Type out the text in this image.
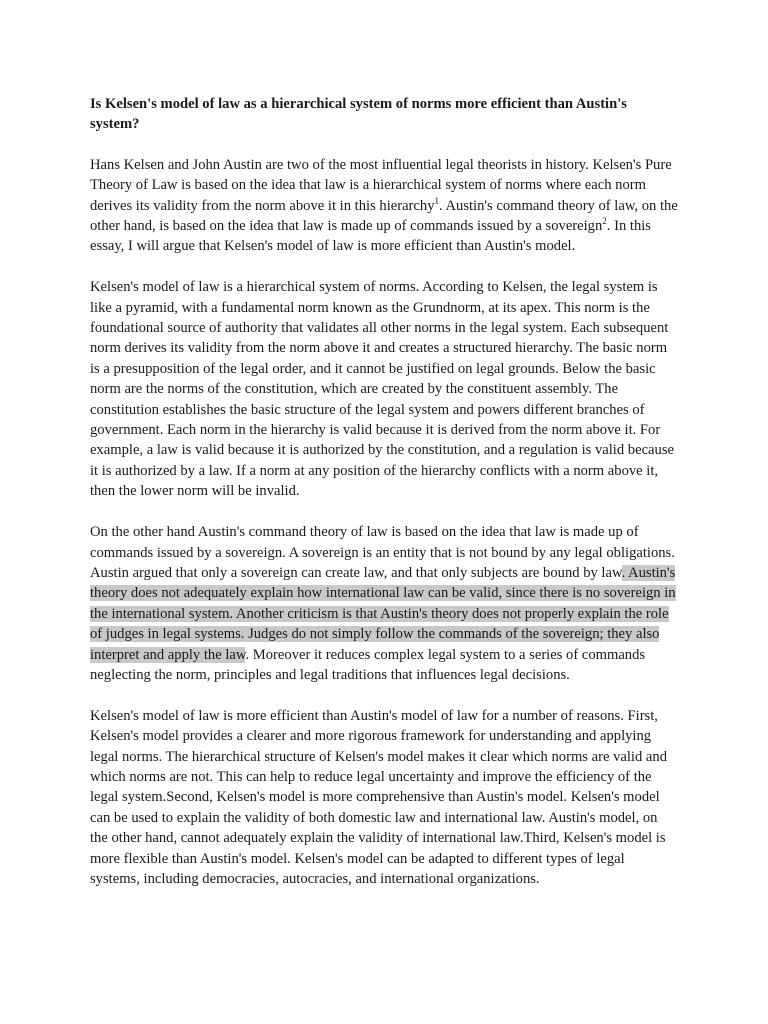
Is Kelsen's model of law as a hierarchical system of norms more efficient than Austin's system?
Hans Kelsen and John Austin are two of the most influential legal theorists in history. Kelsen's Pure Theory of Law is based on the idea that law is a hierarchical system of norms where each norm derives its validity from the norm above it in this hierarchy$^1$. Austin's command theory of law, on the other hand, is based on the idea that law is made up of commands issued by a sovereign$^2$. In this essay, I will argue that Kelsen's model of law is more efficient than Austin's model.
Kelsen's model of law is a hierarchical system of norms. According to Kelsen, the legal system is like a pyramid, with a fundamental norm known as the Grundnorm, at its apex. This norm is the foundational source of authority that validates all other norms in the legal system. Each subsequent norm derives its validity from the norm above it and creates a structured hierarchy. The basic norm is a presupposition of the legal order, and it cannot be justified on legal grounds. Below the basic norm are the norms of the constitution, which are created by the constituent assembly. The constitution establishes the basic structure of the legal system and powers different branches of government. Each norm in the hierarchy is valid because it is derived from the norm above it. For example, a law is valid because it is authorized by the constitution, and a regulation is valid because it is authorized by a law. If a norm at any position of the hierarchy conflicts with a norm above it, then the lower norm will be invalid.
On the other hand Austin's command theory of law is based on the idea that law is made up of commands issued by a sovereign. A sovereign is an entity that is not bound by any legal obligations. Austin argued that only a sovereign can create law, and that only subjects are bound by law. Austin's theory does not adequately explain how international law can be valid, since there is no sovereign in the international system. Another criticism is that Austin's theory does not properly explain the role of judges in legal systems. Judges do not simply follow the commands of the sovereign; they also interpret and apply the law. Moreover it reduces complex legal system to a series of commands neglecting the norm, principles and legal traditions that influences legal decisions.
Kelsen's model of law is more efficient than Austin's model of law for a number of reasons. First, Kelsen's model provides a clearer and more rigorous framework for understanding and applying legal norms. The hierarchical structure of Kelsen's model makes it clear which norms are valid and which norms are not. This can help to reduce legal uncertainty and improve the efficiency of the legal system.Second, Kelsen's model is more comprehensive than Austin's model. Kelsen's model can be used to explain the validity of both domestic law and international law. Austin's model, on the other hand, cannot adequately explain the validity of international law.Third, Kelsen's model is more flexible than Austin's model. Kelsen's model can be adapted to different types of legal systems, including democracies, autocracies, and international organizations.
